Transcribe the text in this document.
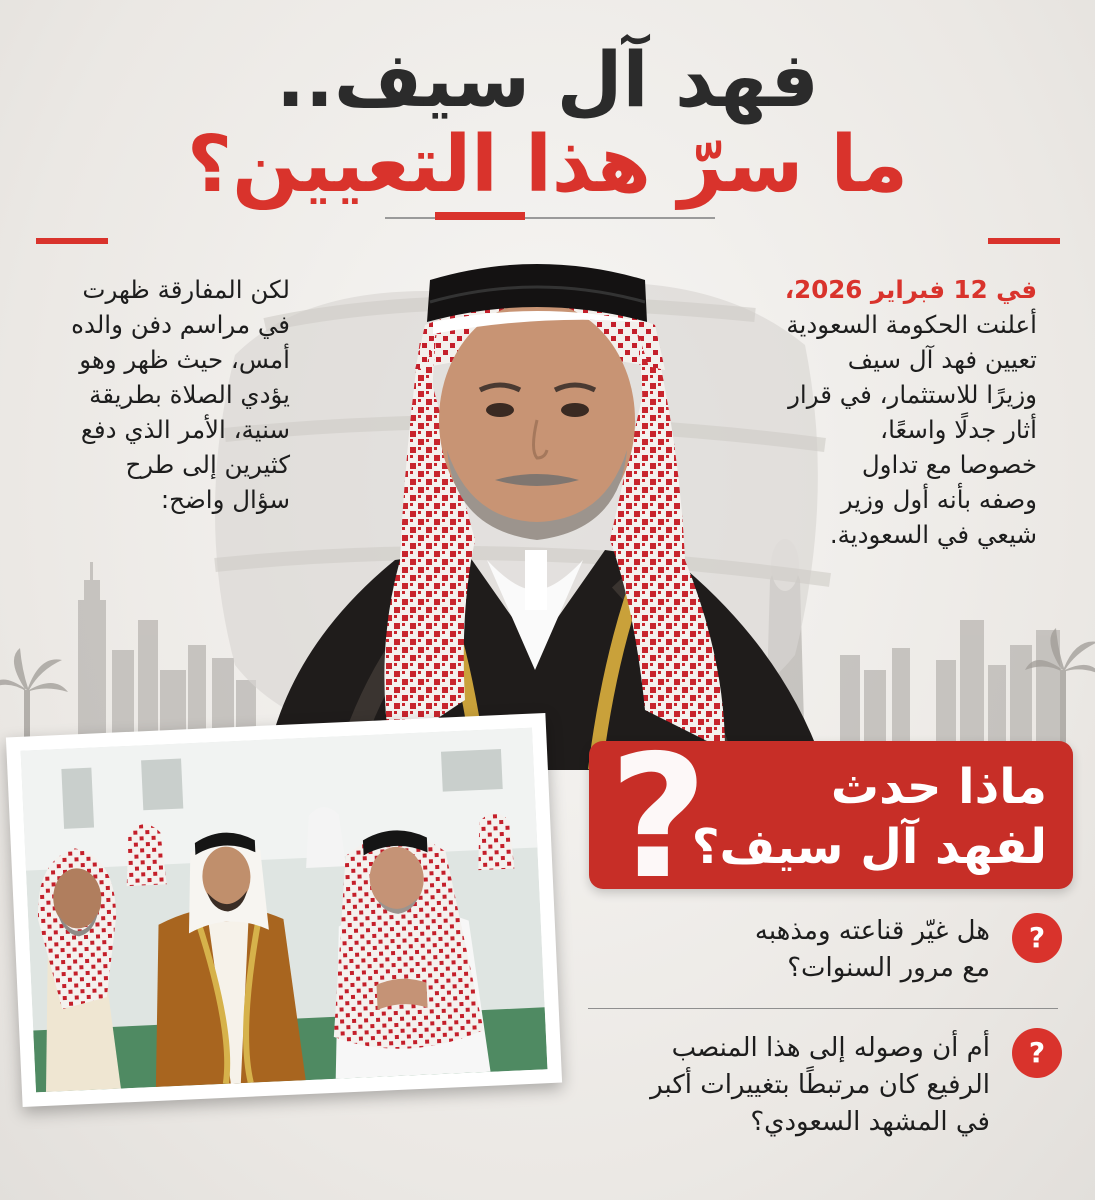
فهد آل سيف..
ما سرّ هذا التعيين؟
في 12 فبراير 2026،
أعلنت الحكومة السعودية
تعيين فهد آل سيف
وزيرًا للاستثمار، في قرار
أثار جدلًا واسعًا،
خصوصا مع تداول
وصفه بأنه أول وزير
شيعي في السعودية.
لكن المفارقة ظهرت
في مراسم دفن والده
أمس، حيث ظهر وهو
يؤدي الصلاة بطريقة
سنية، الأمر الذي دفع
كثيرين إلى طرح
سؤال واضح:
?	ماذا حدث
لفهد آل سيف؟
?
هل غيّر قناعته ومذهبه
مع مرور السنوات؟
?
أم أن وصوله إلى هذا المنصب
الرفيع كان مرتبطًا بتغييرات أكبر
في المشهد السعودي؟
